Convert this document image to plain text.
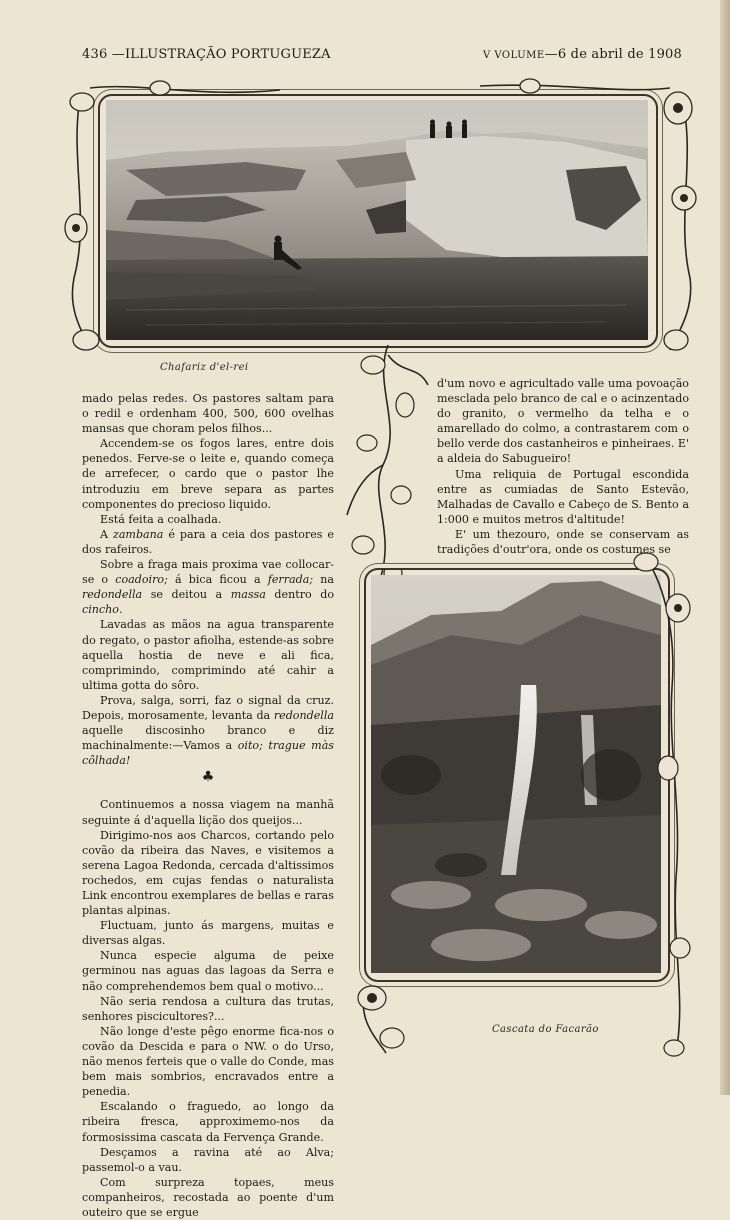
436 —ILLUSTRAÇÃO PORTUGUEZA	V VOLUME—6 de abril de 1908
Chafariz d'el-rei
Cascata do Facarão

mado pelas redes. Os pastores saltam para o redil e ordenham 400, 500, 600 ovelhas mansas que choram pelos filhos...

Accendem-se os fogos lares, entre dois penedos. Ferve-se o leite e, quando começa de arrefecer, o cardo que o pastor lhe introduziu em breve separa as partes componentes do precioso liquido.

Está feita a coalhada.

A zambana é para a ceia dos pastores e dos rafeiros.

Sobre a fraga mais proxima vae collocar-se o coadoiro; á bica ficou a ferrada; na redondella se deitou a massa dentro do cincho.

Lavadas as mãos na agua transparente do regato, o pastor afiolha, estende-as sobre aquella hostia de neve e ali fica, comprimindo, comprimindo até cahir a ultima gotta do sôro.

Prova, salga, sorri, faz o signal da cruz. Depois, morosamente, levanta da redondella aquelle discosinho branco e diz machinalmente:—Vamos a oito; trague màs côlhada!

♣

Continuemos a nossa viagem na manhã seguinte á d'aquella lição dos queijos...

Dirigimo-nos aos Charcos, cortando pelo covão da ribeira das Naves, e visitemos a serena Lagoa Redonda, cercada d'altissimos rochedos, em cujas fendas o naturalista Link encontrou exemplares de bellas e raras plantas alpinas.

Fluctuam, junto ás margens, muitas e diversas algas.

Nunca especie alguma de peixe germinou nas aguas das lagoas da Serra e não comprehendemos bem qual o motivo...

Não seria rendosa a cultura das trutas, senhores piscicultores?...

Não longe d'este pêgo enorme fica-nos o covão da Descida e para o NW. o do Urso, não menos ferteis que o valle do Conde, mas bem mais sombrios, encravados entre a penedia.

Escalando o fraguedo, ao longo da ribeira fresca, approximemo-nos da formosissima cascata da Fervença Grande.

Desçamos a ravina até ao Alva; passemol-o a vau.

Com surpreza topaes, meus companheiros, recostada ao poente d'um outeiro que se ergue

d'um novo e agricultado valle uma povoação mesclada pelo branco de cal e o acinzentado do granito, o vermelho da telha e o amarellado do colmo, a contrastarem com o bello verde dos castanheiros e pinheiraes. E' a aldeia do Sabugueiro!

Uma reliquia de Portugal escondida entre as cumiadas de Santo Estevão, Malhadas de Cavallo e Cabeço de S. Bento a 1:000 e muitos metros d'altitude!

E' um thezouro, onde se conservam as tradições d'outr'ora, onde os costumes se
